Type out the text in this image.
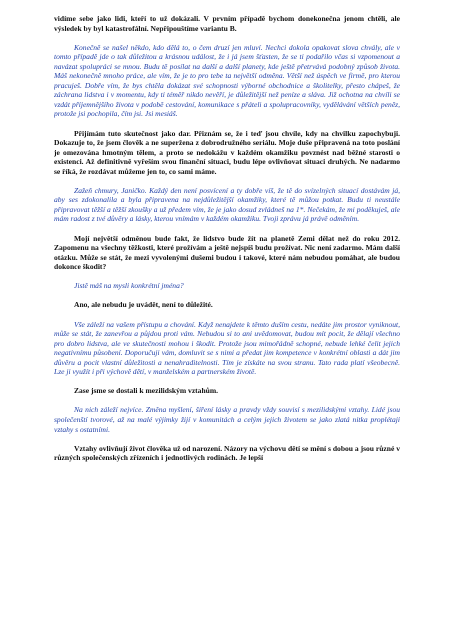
vidíme sebe jako lidi, kteří to už dokázali. V prvním případě bychom donekonečna jenom chtěli, ale výsledek by byl katastrofální. Nepřipouštíme variantu B.

Konečně se našel někdo, kdo dělá to, o čem druzí jen mluví. Nechci dokola opakovat slova chvály, ale v tomto případě jde o tak důležitou a krásnou událost, že i já jsem šťasten, že se ti podařilo včas si vzpomenout a navázat spolupráci se mnou. Budu tě posílat na další a další planety, kde ještě přetrvává podobný způsob života. Máš nekonečně mnoho práce, ale vím, že je to pro tebe ta největší odměna. Větší než úspěch ve firmě, pro kterou pracuješ. Dobře vím, že bys chtěla dokázat své schopnosti výborné obchodnice a školitelky, přesto chápeš, že záchrana lidstva i v momentu, kdy ti téměř nikdo nevěří, je důležitější než peníze a sláva. Již ochotna na chvíli se vzdát příjemnějšího života v podobě cestování, komunikace s přáteli a spolupracovníky, vydělávání větších peněz, protože jsi pochopila, čím jsi. Jsi mesiáš.

Přijímám tuto skutečnost jako dar. Přiznám se, že i teď jsou chvíle, kdy na chvilku zapochybuji. Dokazuje to, že jsem člověk a ne superžena z dobrodružného seriálu. Moje duše připravená na toto poslání je omezována hmotným tělem, a proto se nedokážu v každém okamžiku povznést nad běžné starosti o existenci. Až definitivně vyřeším svou finanční situaci, budu lépe ovlivňovat situaci druhých. Ne nadarmo se říká, že rozdávat můžeme jen to, co sami máme.

Zažeň chmury, Janičko. Každý den není posvícení a ty dobře víš, že tě do svízelných situací dostávám já, aby ses zdokonalila a byla připravena na nejdůležitější okamžiky, které tě můžou potkat. Budu ti neustále připravovat těžší a těžší zkoušky a už předem vím, že je jako dosud zvládneš na 1*. Nečekám, že mi poděkuješ, ale mám radost z tvé důvěry a lásky, kterou vnímám v každém okamžiku. Tvoji zprávu já právě odměním.

Mojí největší odměnou bude fakt, že lidstvo bude žít na planetě Zemi dělat než do roku 2012. Zapomenu na všechny těžkosti, které prožívám a ještě nejspíš budu prožívat. Nic není zadarmo. Mám další otázku. Může se stát, že mezi vyvolenými dušemi budou i takové, které nám nebudou pomáhat, ale budou dokonce škodit?

Jistě máš na mysli konkrétní jména?

Ano, ale nebudu je uvádět, není to důležité.

Vše záleží na vašem přístupu a chování. Když nenajdete k těmto duším cestu, nedáte jim prostor vyniknout, může se stát, že zanevřou a půjdou proti vám. Nebudou si to ani uvědomovat, budou mít pocit, že dělají všechno pro dobro lidstva, ale ve skutečnosti mohou i škodit. Protože jsou mimořádně schopné, nebude lehké čelit jejich negativnímu působení. Doporučuji vám, domluvit se s nimi a předat jim kompetence v konkrétní oblasti a dát jim důvěru a pocit vlastní důležitosti a nenahraditelnosti. Tím je získáte na svou stranu. Tato rada platí všeobecně. Lze ji využít i při výchově dětí, v manželském a partnerském životě.

Zase jsme se dostali k mezilidským vztahům.

Na nich záleží nejvíce. Změna myšlení, šíření lásky a pravdy vždy souvisí s mezilidskými vztahy. Lidé jsou společenští tvorové, až na malé výjimky žijí v komunitách a celým jejich životem se jako zlatá nitka proplétají vztahy s ostatními.

Vztahy ovlivňují život člověka už od narození. Názory na výchovu dětí se mění s dobou a jsou různé v různých společenských zřízeních i jednotlivých rodinách. Je lepší
